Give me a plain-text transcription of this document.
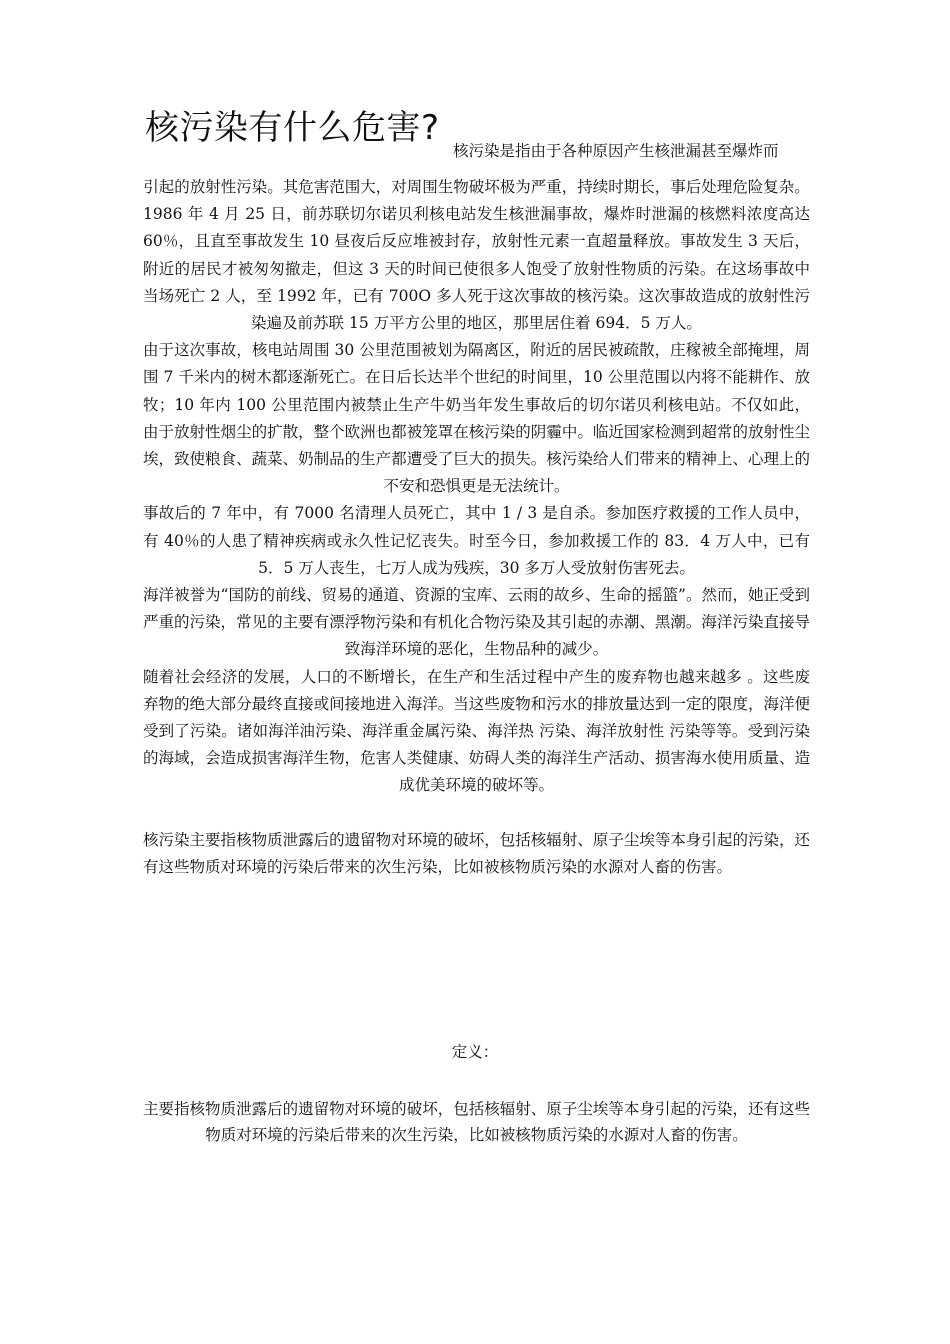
核污染有什么危害?
核污染是指由于各种原因产生核泄漏甚至爆炸而

引起的放射性污染。其危害范围大，对周围生物破坏极为严重，持续时期长，事后处理危险复杂。

1986 年 4 月 25 日，前苏联切尔诺贝利核电站发生核泄漏事故，爆炸时泄漏的核燃料浓度高达 60％，且直至事故发生 10 昼夜后反应堆被封存，放射性元素一直超量释放。事故发生 3 天后，附近的居民才被匆匆撤走，但这 3 天的时间已使很多人饱受了放射性物质的污染。在这场事故中当场死亡 2 人，至 1992 年，已有 700O 多人死于这次事故的核污染。这次事故造成的放射性污染遍及前苏联 15 万平方公里的地区，那里居住着 694．5 万人。

由于这次事故，核电站周围 30 公里范围被划为隔离区，附近的居民被疏散，庄稼被全部掩埋，周围 7 千米内的树木都逐渐死亡。在日后长达半个世纪的时间里，10 公里范围以内将不能耕作、放牧；10 年内 100 公里范围内被禁止生产牛奶当年发生事故后的切尔诺贝利核电站。不仅如此，由于放射性烟尘的扩散，整个欧洲也都被笼罩在核污染的阴霾中。临近国家检测到超常的放射性尘埃，致使粮食、蔬菜、奶制品的生产都遭受了巨大的损失。核污染给人们带来的精神上、心理上的不安和恐惧更是无法统计。

事故后的 7 年中，有 7000 名清理人员死亡，其中 1 / 3 是自杀。参加医疗救援的工作人员中，有 40％的人患了精神疾病或永久性记忆丧失。时至今日，参加救援工作的 83．4 万人中，已有 5．5 万人丧生，七万人成为残疾，30 多万人受放射伤害死去。

海洋被誉为“国防的前线、贸易的通道、资源的宝库、云雨的故乡、生命的摇篮”。然而，她正受到严重的污染，常见的主要有漂浮物污染和有机化合物污染及其引起的赤潮、黑潮。海洋污染直接导致海洋环境的恶化，生物品种的减少。

随着社会经济的发展，人口的不断增长，在生产和生活过程中产生的废弃物也越来越多 。这些废弃物的绝大部分最终直接或间接地进入海洋。当这些废物和污水的排放量达到一定的限度，海洋便受到了污染。诸如海洋油污染、海洋重金属污染、海洋热 污染、海洋放射性 污染等等。受到污染的海域，会造成损害海洋生物，危害人类健康、妨碍人类的海洋生产活动、损害海水使用质量、造成优美环境的破坏等。

核污染主要指核物质泄露后的遗留物对环境的破坏，包括核辐射、原子尘埃等本身引起的污染，还有这些物质对环境的污染后带来的次生污染，比如被核物质污染的水源对人畜的伤害。

定义：

主要指核物质泄露后的遗留物对环境的破坏，包括核辐射、原子尘埃等本身引起的污染，还有这些物质对环境的污染后带来的次生污染，比如被核物质污染的水源对人畜的伤害。
